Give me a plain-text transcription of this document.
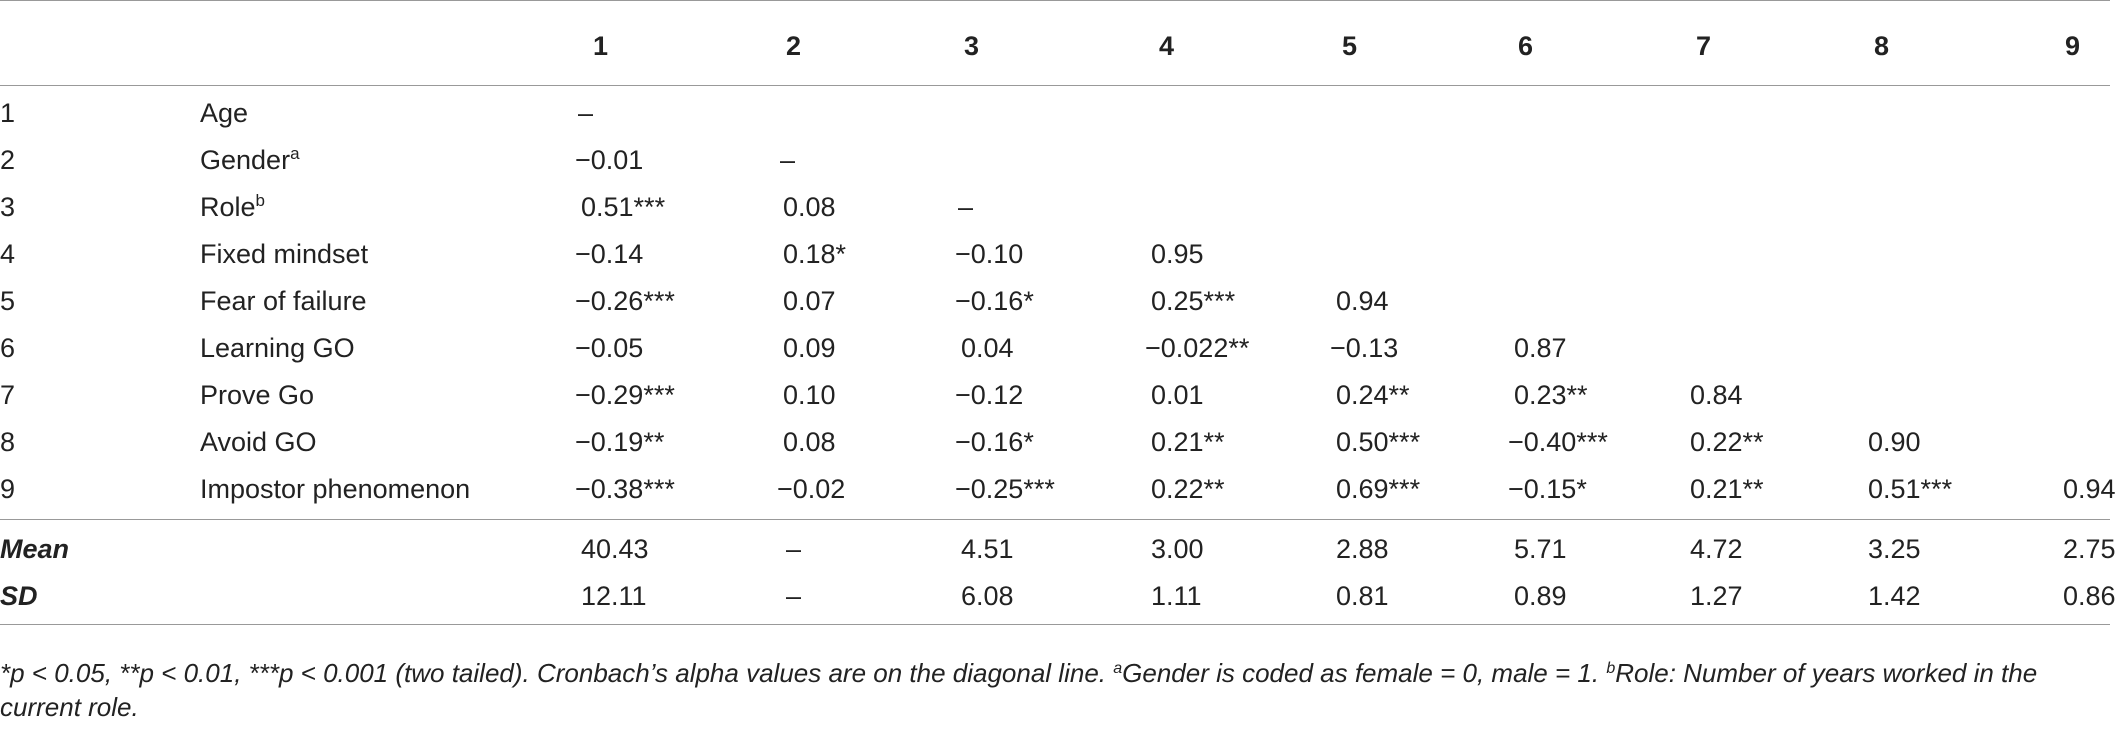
		1	2	3	4	5	6	7	8	9
1	Age	–								
2	Gender$^a$	−0.01	–							
3	Role$^b$	0.51***	0.08	–						
4	Fixed mindset	−0.14	0.18*	−0.10	0.95					
5	Fear of failure	−0.26***	0.07	−0.16*	0.25***	0.94				
6	Learning GO	−0.05	0.09	0.04	−0.022**	−0.13	0.87			
7	Prove Go	−0.29***	0.10	−0.12	0.01	0.24**	0.23**	0.84		
8	Avoid GO	−0.19**	0.08	−0.16*	0.21**	0.50***	−0.40***	0.22**	0.90	
9	Impostor phenomenon	−0.38***	−0.02	−0.25***	0.22**	0.69***	−0.15*	0.21**	0.51***	0.94
Mean		40.43	–	4.51	3.00	2.88	5.71	4.72	3.25	2.75
SD		12.11	–	6.08	1.11	0.81	0.89	1.27	1.42	0.86
*p < 0.05, **p < 0.01, ***p < 0.001 (two tailed). Cronbach’s alpha values are on the diagonal line. $^a$Gender is coded as female = 0, male = 1. $^b$Role: Number of years worked in the current role.
